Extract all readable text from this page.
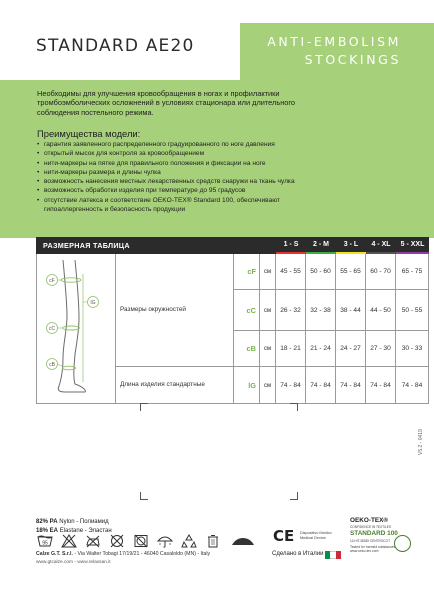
STANDARD AE20	ANTI-EMBOLISM
STOCKINGS
Необходимы для улучшения кровообращения в ногах и профилактики тромбоэмболических осложнений в условиях стационара или длительного соблюдения постельного режима.
Преимущества модели:
• гарантия заявленного распределенного градуированного по ноге давления
• открытый мысок для контроля за кровообращением
• нити-маркеры на пятке для правильного положения и фиксации на ноге
• нити-маркеры размера и длины чулка
• возможность нанесения местных лекарственных средств снаружи на ткань чулка
• возможность обработки изделия при температуре до 95 градусов
• отсутствие латекса и соответствие OEKO-TEX® Standard 100, обеспечивают
гипоаллергенность и безопасность продукции
РАЗМЕРНАЯ ТАБЛИЦА	1 - S	2 - M	3 - L	4 - XL	5 - XXL
cF
cC
cB
lG
Размеры окружностей
Длина изделия стандартные
cF	см	45 - 55	50 - 60	55 - 65	60 - 70	65 - 75
cC	см	26 - 32	32 - 38	38 - 44	44 - 50	50 - 55
cB	см	18 - 21	21 - 24	24 - 27	27 - 30	30 - 33
lG	см	74 - 84	74 - 84	74 - 84	74 - 84	74 - 84
V5.2 - 0419
82% PA Nylon - Полиамид
18% EA Elastane - Эластан
95
Calze G.T. S.r.l. - Via Walter Tobagi 17/19/21 - 46040 Casaloldo (MN) - Italy
www.gtcalze.com - www.relaxsan.it
CE Dispositivo Medico Medical Device
Сделано в Италии
OEKO-TEX®
CONFIDENCE IN TEXTILES
STANDARD 100
14.HIT.38185 CENTROCOT
Tested for harmful substances. www.oeko-tex.com
